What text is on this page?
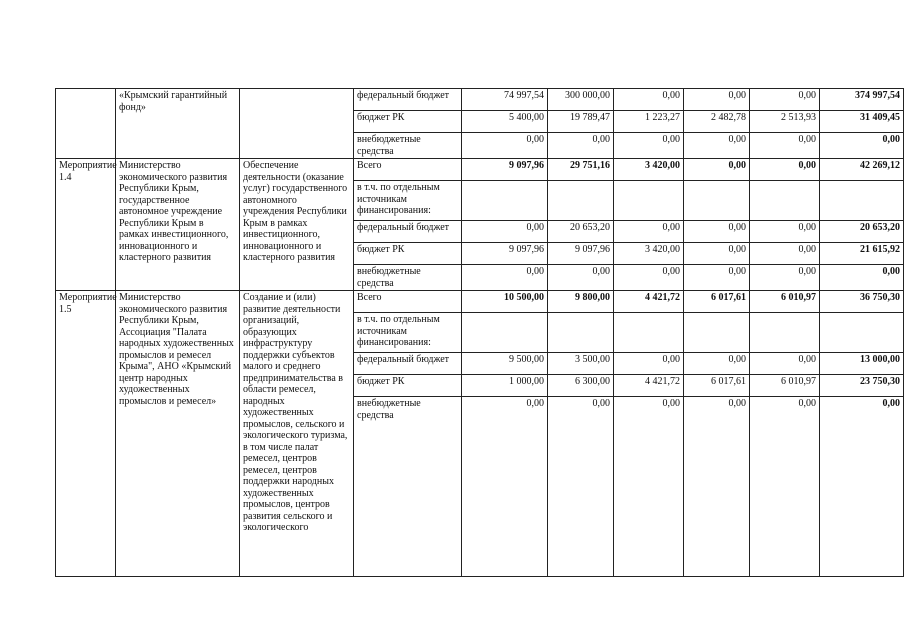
	«Крымский гарантийный фонд»		федеральный бюджет	74 997,54	300 000,00	0,00	0,00	0,00	374 997,54
			бюджет РК	5 400,00	19 789,47	1 223,27	2 482,78	2 513,93	31 409,45
			внебюджетные средства	0,00	0,00	0,00	0,00	0,00	0,00
Мероприятие 1.4	Министерство экономического развития Республики Крым, государственное автономное учреждение Республики Крым в рамках инвестиционного, инновационного и кластерного развития	Обеспечение деятельности (оказание услуг) государственного автономного учреждения Республики Крым в рамках инвестиционного, инновационного и кластерного развития	Всего	9 097,96	29 751,16	3 420,00	0,00	0,00	42 269,12
			в т.ч. по отдельным источникам финансирования:						
			федеральный бюджет	0,00	20 653,20	0,00	0,00	0,00	20 653,20
			бюджет РК	9 097,96	9 097,96	3 420,00	0,00	0,00	21 615,92
			внебюджетные средства	0,00	0,00	0,00	0,00	0,00	0,00
Мероприятие 1.5	Министерство экономического развития Республики Крым, Ассоциация "Палата народных художественных промыслов и ремесел Крыма", АНО «Крымский центр народных художественных промыслов и ремесел»	Создание и (или) развитие деятельности организаций, образующих инфраструктуру поддержки субъектов малого и среднего предпринимательства в области ремесел, народных художественных промыслов, сельского и экологического туризма, в том числе палат ремесел, центров ремесел, центров поддержки народных художественных промыслов, центров развития сельского и экологического	Всего	10 500,00	9 800,00	4 421,72	6 017,61	6 010,97	36 750,30
			в т.ч. по отдельным источникам финансирования:						
			федеральный бюджет	9 500,00	3 500,00	0,00	0,00	0,00	13 000,00
			бюджет РК	1 000,00	6 300,00	4 421,72	6 017,61	6 010,97	23 750,30
			внебюджетные средства	0,00	0,00	0,00	0,00	0,00	0,00
